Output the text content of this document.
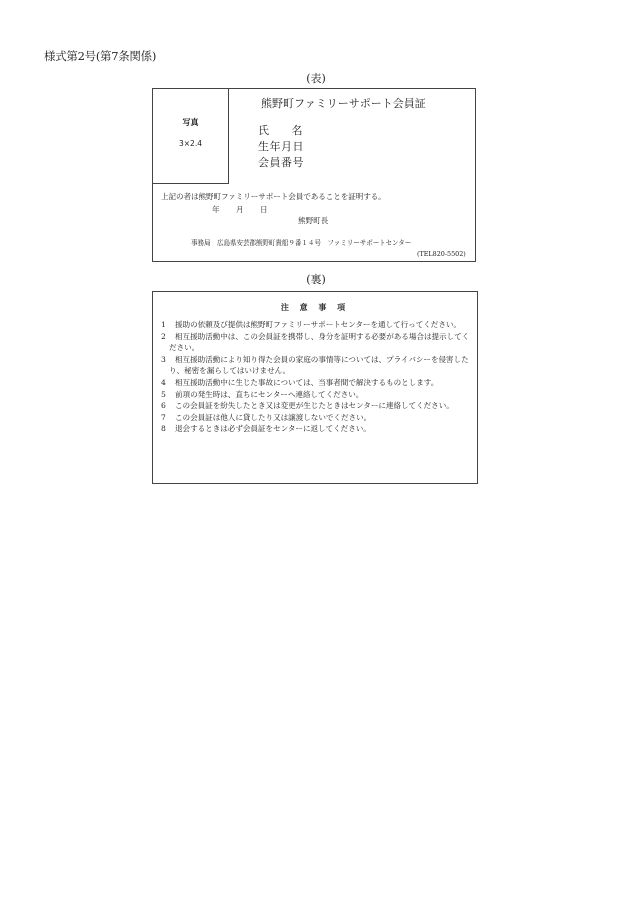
様式第2号(第7条関係)
(表)
写真
3×2.4
熊野町ファミリーサポート会員証
氏 名
生年月日
会員番号
上記の者は熊野町ファミリーサポート会員であることを証明する。
年 月 日
熊野町長
事務局　広島県安芸郡熊野町貴船９番１４号　ファミリーサポートセンター
(TEL820-5502)
(裏)
注 意 事 項
1 援助の依頼及び提供は熊野町ファミリーサポートセンターを通して行ってください。
2 相互援助活動中は、この会員証を携帯し、身分を証明する必要がある場合は提示してください。
3 相互援助活動により知り得た会員の家庭の事情等については、プライバシーを侵害したり、秘密を漏らしてはいけません。
4 相互援助活動中に生じた事故については、当事者間で解決するものとします。
5 前項の発生時は、直ちにセンターへ連絡してください。
6 この会員証を紛失したとき又は変更が生じたときはセンターに連絡してください。
7 この会員証は他人に貸したり又は譲渡しないでください。
8 退会するときは必ず会員証をセンターに返してください。
